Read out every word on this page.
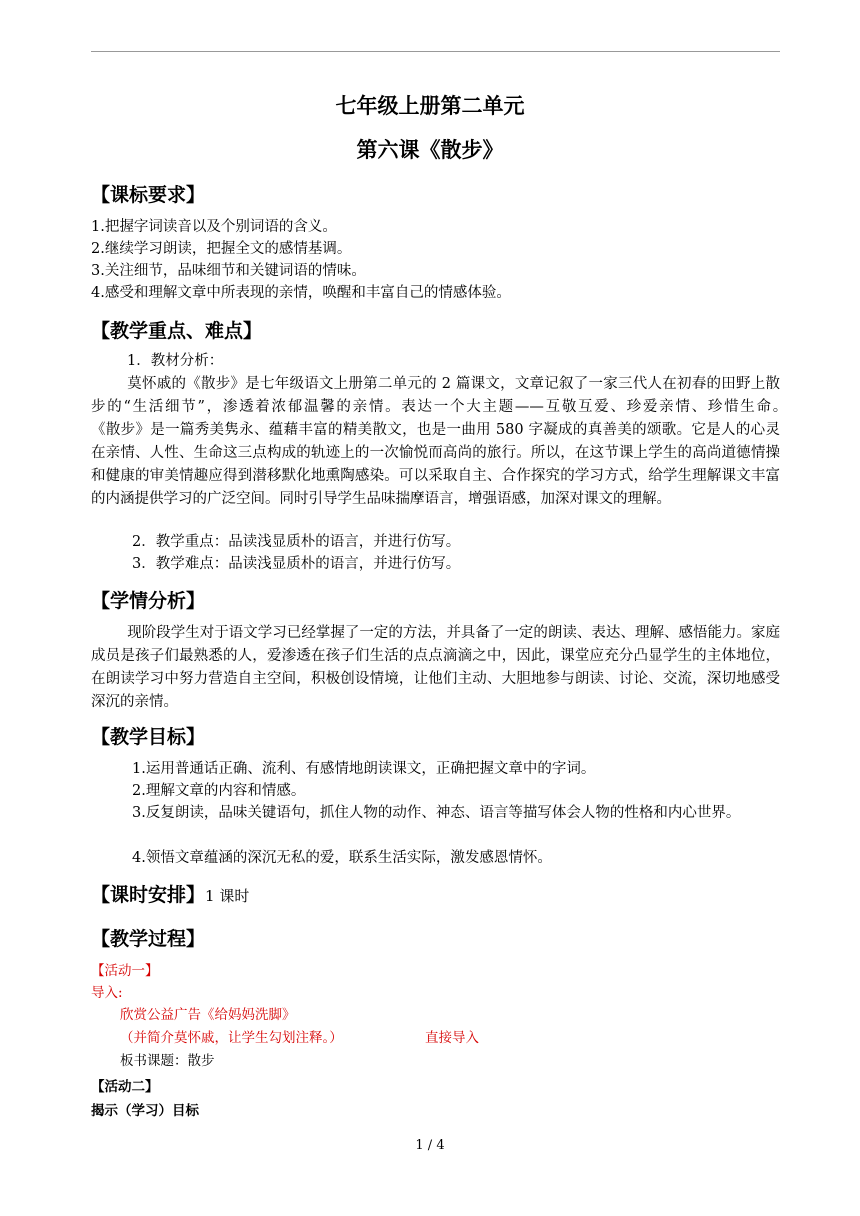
七年级上册第二单元
第六课《散步》
【课标要求】
1.把握字词读音以及个别词语的含义。
2.继续学习朗读，把握全文的感情基调。
3.关注细节，品味细节和关键词语的情味。
4.感受和理解文章中所表现的亲情，唤醒和丰富自己的情感体验。
【教学重点、难点】
1．教材分析：
莫怀戚的《散步》是七年级语文上册第二单元的 2 篇课文，文章记叙了一家三代人在初春的田野上散步的“生活细节”，渗透着浓郁温馨的亲情。表达一个大主题——互敬互爱、珍爱亲情、珍惜生命。　　　　　《散步》是一篇秀美隽永、蕴藉丰富的精美散文，也是一曲用 580 字凝成的真善美的颂歌。它是人的心灵在亲情、人性、生命这三点构成的轨迹上的一次愉悦而高尚的旅行。所以，在这节课上学生的高尚道德情操和健康的审美情趣应得到潜移默化地熏陶感染。可以采取自主、合作探究的学习方式，给学生理解课文丰富的内涵提供学习的广泛空间。同时引导学生品味揣摩语言，增强语感，加深对课文的理解。
2．教学重点：品读浅显质朴的语言，并进行仿写。
3．教学难点：品读浅显质朴的语言，并进行仿写。
【学情分析】
现阶段学生对于语文学习已经掌握了一定的方法，并具备了一定的朗读、表达、理解、感悟能力。家庭成员是孩子们最熟悉的人，爱渗透在孩子们生活的点点滴滴之中，因此，课堂应充分凸显学生的主体地位，在朗读学习中努力营造自主空间，积极创设情境，让他们主动、大胆地参与朗读、讨论、交流，深切地感受深沉的亲情。
【教学目标】
1.运用普通话正确、流利、有感情地朗读课文，正确把握文章中的字词。
2.理解文章的内容和情感。
3.反复朗读，品味关键语句，抓住人物的动作、神态、语言等描写体会人物的性格和内心世界。
4.领悟文章蕴涵的深沉无私的爱，联系生活实际，激发感恩情怀。
【课时安排】1 课时
【教学过程】
【活动一】
导入:
欣赏公益广告《给妈妈洗脚》
（并简介莫怀戚，让学生勾划注释。）	直接导入
板书课题：散步
【活动二】
揭示（学习）目标
1 / 4
